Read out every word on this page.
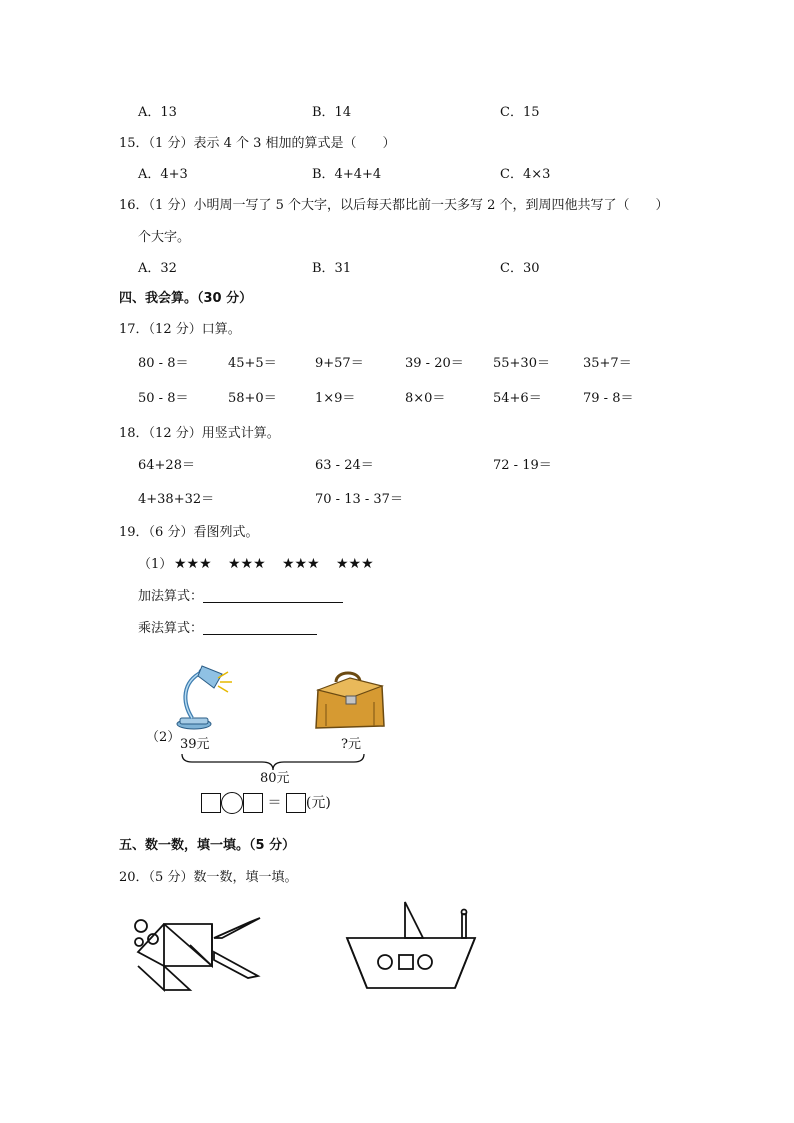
A．13	B．14	C．15
15．（1 分）表示 4 个 3 相加的算式是（　　）
A．4+3	B．4+4+4	C．4×3
16．（1 分）小明周一写了 5 个大字，以后每天都比前一天多写 2 个，到周四他共写了（　　）
个大字。
A．32	B．31	C．30
四、我会算。（30 分）
17．（12 分）口算。
80 - 8＝	45+5＝	9+57＝	39 - 20＝ 55+30＝	35+7＝
50 - 8＝	58+0＝	1×9＝	8×0＝	54+6＝	79 - 8＝
18．（12 分）用竖式计算。
64+28＝	63 - 24＝	72 - 19＝
4+38+32＝	70 - 13 - 37＝
19．（6 分）看图列式。
（1） ★★★ ★★★ ★★★ ★★★
加法算式：
乘法算式：
（2） 39元	?元
80元
＝ (元)
五、数一数，填一填。（5 分）
20．（5 分）数一数，填一填。
